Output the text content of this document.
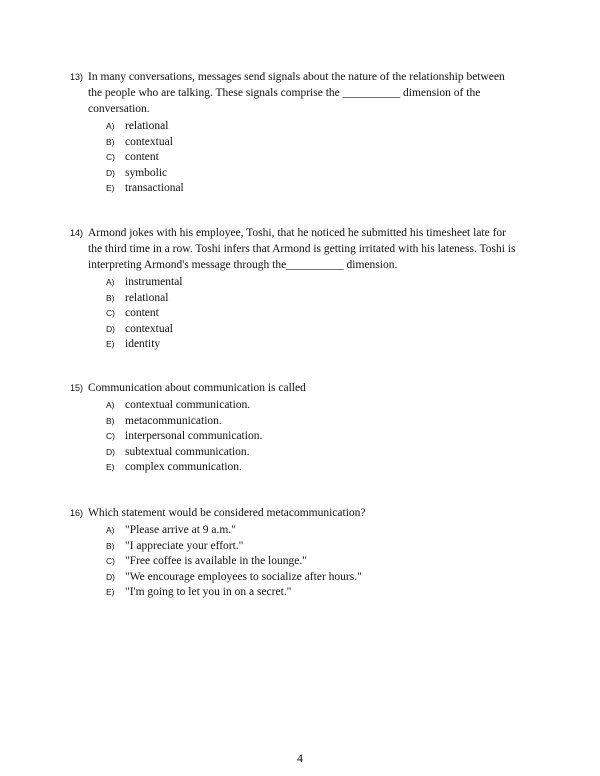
13) In many conversations, messages send signals about the nature of the relationship between
the people who are talking. These signals comprise the __________ dimension of the
conversation.
A) relational
B) contextual
C) content
D) symbolic
E) transactional
14) Armond jokes with his employee, Toshi, that he noticed he submitted his timesheet late for
the third time in a row. Toshi infers that Armond is getting irritated with his lateness. Toshi is
interpreting Armond's message through the__________ dimension.
A) instrumental
B) relational
C) content
D) contextual
E) identity
15) Communication about communication is called
A) contextual communication.
B) metacommunication.
C) interpersonal communication.
D) subtextual communication.
E) complex communication.
16) Which statement would be considered metacommunication?
A) "Please arrive at 9 a.m."
B) "I appreciate your effort."
C) "Free coffee is available in the lounge."
D) "We encourage employees to socialize after hours."
E) "I'm going to let you in on a secret."
4
